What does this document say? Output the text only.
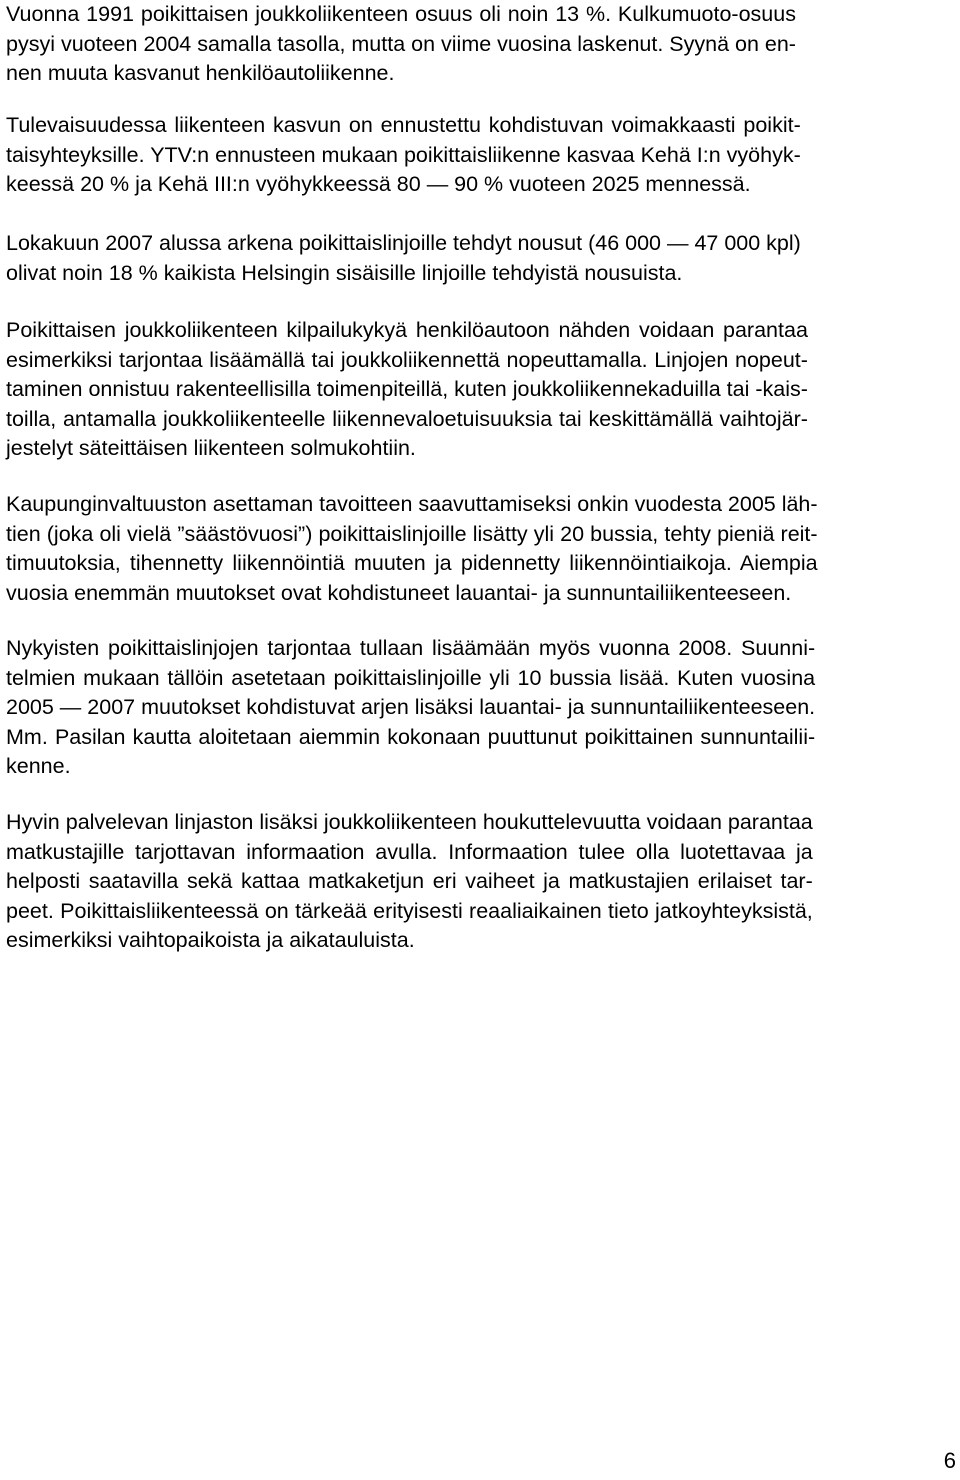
Vuonna 1991 poikittaisen joukkoliikenteen osuus oli noin 13 %. Kulkumuoto-osuus
pysyi vuoteen 2004 samalla tasolla, mutta on viime vuosina laskenut. Syynä on en-
nen muuta kasvanut henkilöautoliikenne.
Tulevaisuudessa liikenteen kasvun on ennustettu kohdistuvan voimakkaasti poikit-
taisyhteyksille. YTV:n ennusteen mukaan poikittaisliikenne kasvaa Kehä I:n vyöhyk-
keessä 20 % ja Kehä III:n vyöhykkeessä 80 — 90 % vuoteen 2025 mennessä.
Lokakuun 2007 alussa arkena poikittaislinjoille tehdyt nousut (46 000 — 47 000 kpl)
olivat noin 18 % kaikista Helsingin sisäisille linjoille tehdyistä nousuista.
Poikittaisen joukkoliikenteen kilpailukykyä henkilöautoon nähden voidaan parantaa
esimerkiksi tarjontaa lisäämällä tai joukkoliikennettä nopeuttamalla. Linjojen nopeut-
taminen onnistuu rakenteellisilla toimenpiteillä, kuten joukkoliikennekaduilla tai -kais-
toilla, antamalla joukkoliikenteelle liikennevaloetuisuuksia tai keskittämällä vaihtojär-
jestelyt säteittäisen liikenteen solmukohtiin.
Kaupunginvaltuuston asettaman tavoitteen saavuttamiseksi onkin vuodesta 2005 läh-
tien (joka oli vielä ”säästövuosi”) poikittaislinjoille lisätty yli 20 bussia, tehty pieniä reit-
timuutoksia, tihennetty liikennöintiä muuten ja pidennetty liikennöintiaikoja. Aiempia
vuosia enemmän muutokset ovat kohdistuneet lauantai- ja sunnuntailiikenteeseen.
Nykyisten poikittaislinjojen tarjontaa tullaan lisäämään myös vuonna 2008. Suunni-
telmien mukaan tällöin asetetaan poikittaislinjoille yli 10 bussia lisää. Kuten vuosina
2005 — 2007 muutokset kohdistuvat arjen lisäksi lauantai- ja sunnuntailiikenteeseen.
Mm. Pasilan kautta aloitetaan aiemmin kokonaan puuttunut poikittainen sunnuntailii-
kenne.
Hyvin palvelevan linjaston lisäksi joukkoliikenteen houkuttelevuutta voidaan parantaa
matkustajille tarjottavan informaation avulla. Informaation tulee olla luotettavaa ja
helposti saatavilla sekä kattaa matkaketjun eri vaiheet ja matkustajien erilaiset tar-
peet. Poikittaisliikenteessä on tärkeää erityisesti reaaliaikainen tieto jatkoyhteyksistä,
esimerkiksi vaihtopaikoista ja aikatauluista.
6
